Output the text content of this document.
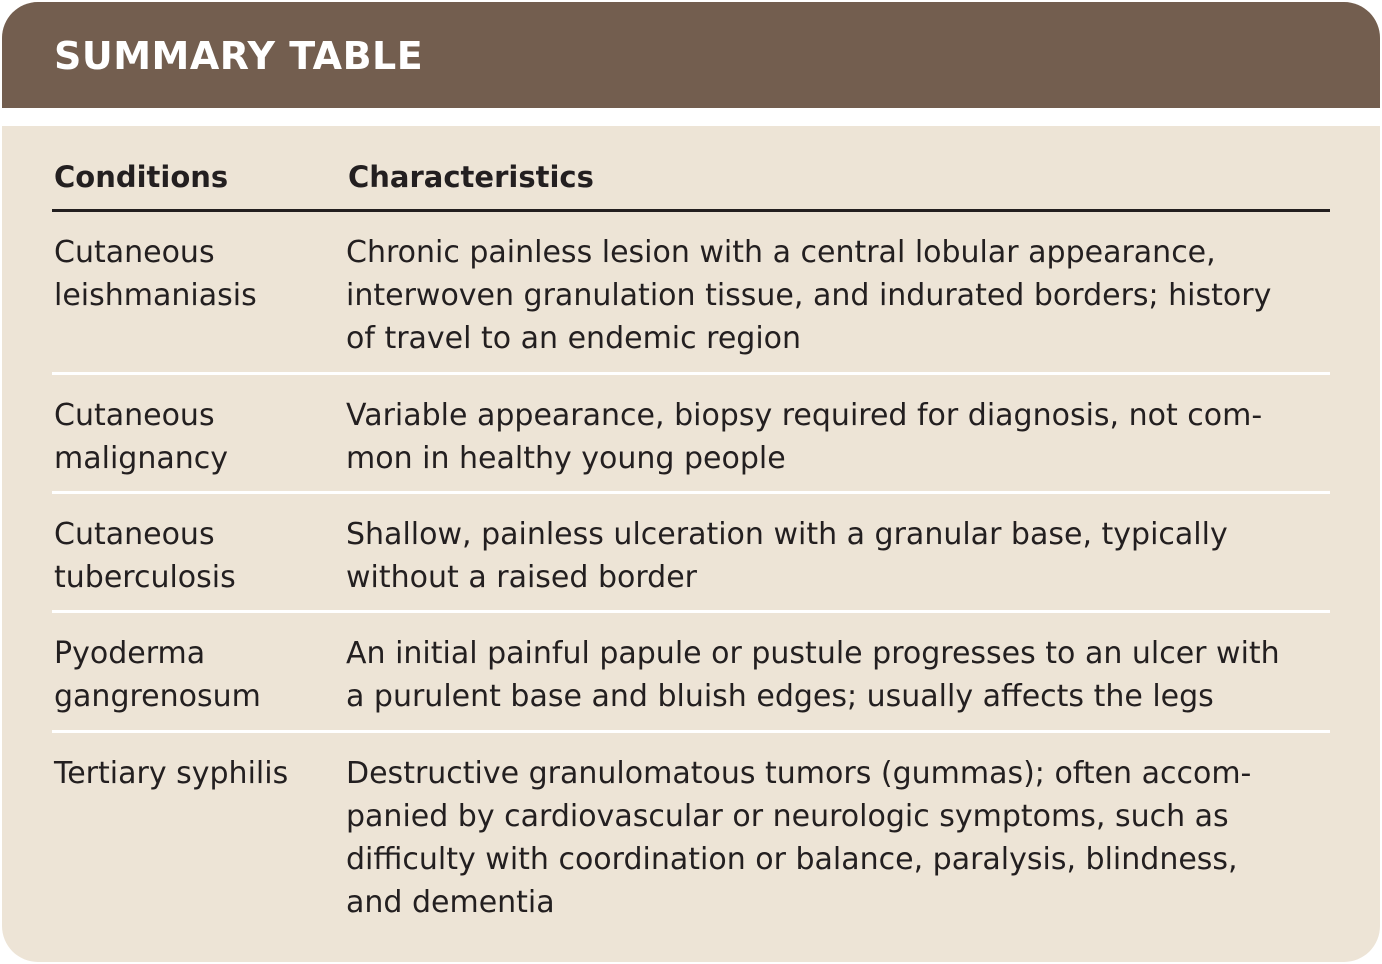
SUMMARY TABLE
Conditions	Characteristics
Cutaneous
leishmaniasis
Chronic painless lesion with a central lobular appearance,
interwoven granulation tissue, and indurated borders; history
of travel to an endemic region
Cutaneous
malignancy
Variable appearance, biopsy required for diagnosis, not com-
mon in healthy young people
Cutaneous
tuberculosis
Shallow, painless ulceration with a granular base, typically
without a raised border
Pyoderma
gangrenosum
An initial painful papule or pustule progresses to an ulcer with
a purulent base and bluish edges; usually affects the legs
Tertiary syphilis	Destructive granulomatous tumors (gummas); often accom-
panied by cardiovascular or neurologic symptoms, such as
difficulty with coordination or balance, paralysis, blindness,
and dementia
